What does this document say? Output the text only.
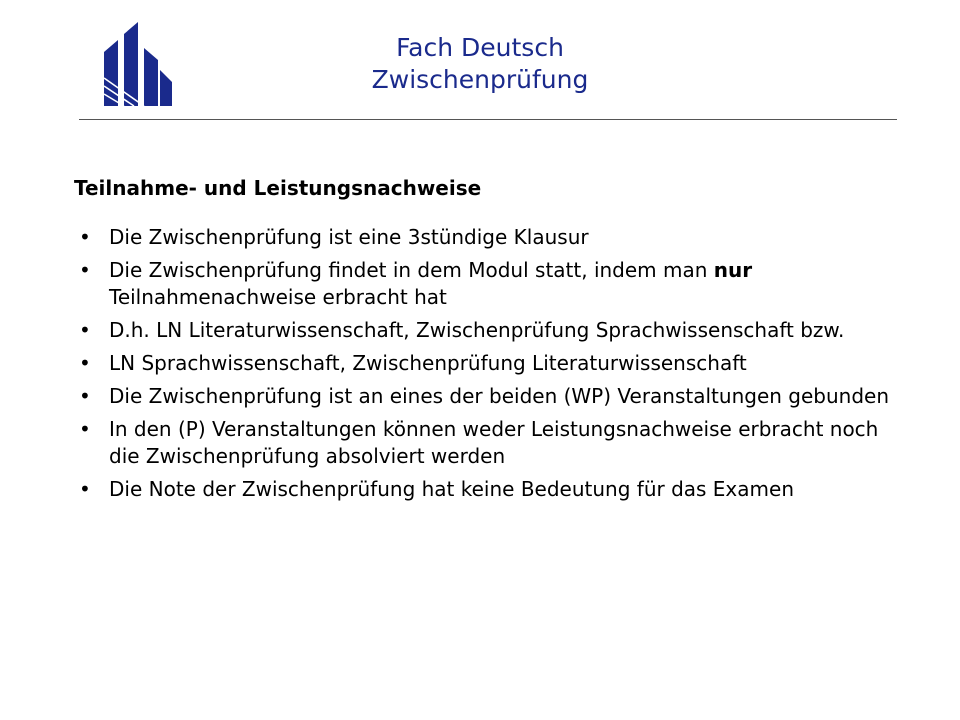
Fach Deutsch
Zwischenprüfung
Teilnahme- und Leistungsnachweise
• Die Zwischenprüfung ist eine 3stündige Klausur
• Die Zwischenprüfung findet in dem Modul statt, indem man nur Teilnahmenachweise erbracht hat
• D.h. LN Literaturwissenschaft, Zwischenprüfung Sprachwissenschaft bzw.
• LN Sprachwissenschaft, Zwischenprüfung Literaturwissenschaft
• Die Zwischenprüfung ist an eines der beiden (WP) Veranstaltungen gebunden
• In den (P) Veranstaltungen können weder Leistungsnachweise erbracht noch die Zwischenprüfung absolviert werden
• Die Note der Zwischenprüfung hat keine Bedeutung für das Examen
